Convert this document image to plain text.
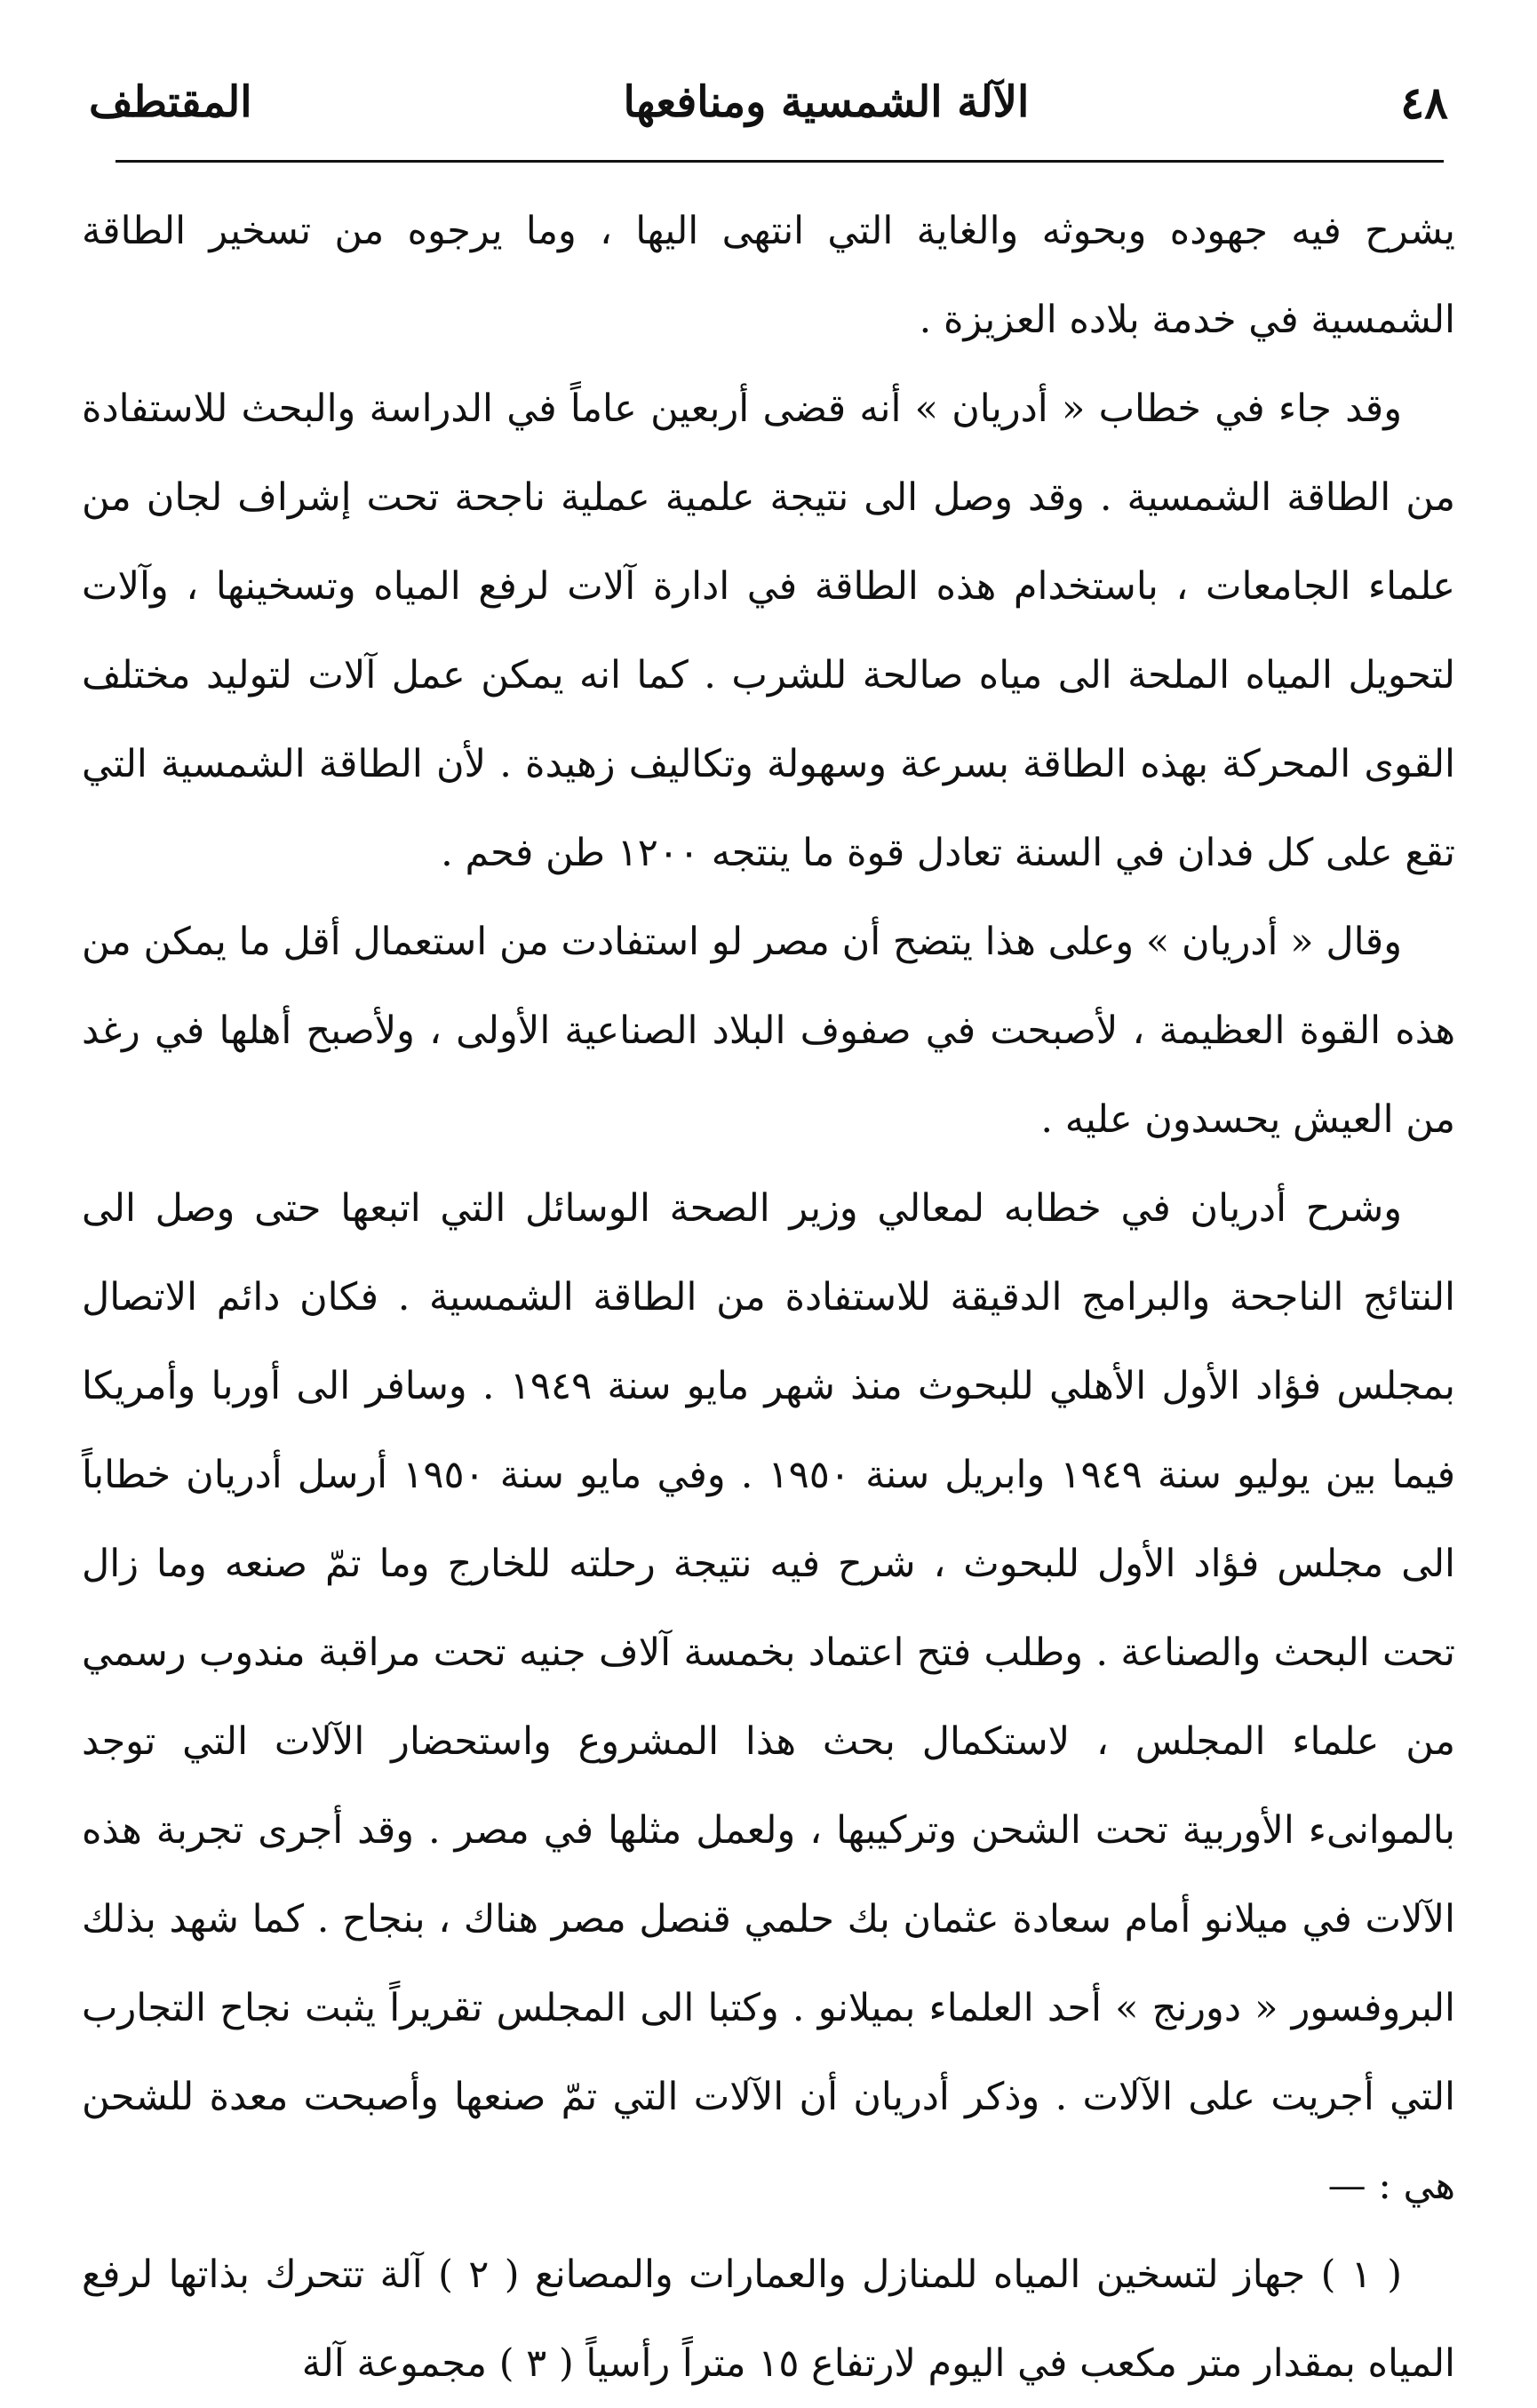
٤٨
الآلة الشمسية ومنافعها
المقتطف

يشرح فيه جهوده وبحوثه والغاية التي انتهى اليها ، وما يرجوه من تسخير الطاقة الشمسية في خدمة بلاده العزيزة .

وقد جاء في خطاب « أدريان » أنه قضى أربعين عاماً في الدراسة والبحث للاستفادة من الطاقة الشمسية . وقد وصل الى نتيجة علمية عملية ناجحة تحت إشراف لجان من علماء الجامعات ، باستخدام هذه الطاقة في ادارة آلات لرفع المياه وتسخينها ، وآلات لتحويل المياه الملحة الى مياه صالحة للشرب . كما انه يمكن عمل آلات لتوليد مختلف القوى المحركة بهذه الطاقة بسرعة وسهولة وتكاليف زهيدة . لأن الطاقة الشمسية التي تقع على كل فدان في السنة تعادل قوة ما ينتجه ١٢٠٠ طن فحم .

وقال « أدريان » وعلى هذا يتضح أن مصر لو استفادت من استعمال أقل ما يمكن من هذه القوة العظيمة ، لأصبحت في صفوف البلاد الصناعية الأولى ، ولأصبح أهلها في رغد من العيش يحسدون عليه .

وشرح أدريان في خطابه لمعالي وزير الصحة الوسائل التي اتبعها حتى وصل الى النتائج الناجحة والبرامج الدقيقة للاستفادة من الطاقة الشمسية . فكان دائم الاتصال بمجلس فؤاد الأول الأهلي للبحوث منذ شهر مايو سنة ١٩٤٩ . وسافر الى أوربا وأمريكا فيما بين يوليو سنة ١٩٤٩ وابريل سنة ١٩٥٠ . وفي مايو سنة ١٩٥٠ أرسل أدريان خطاباً الى مجلس فؤاد الأول للبحوث ، شرح فيه نتيجة رحلته للخارج وما تمّ صنعه وما زال تحت البحث والصناعة . وطلب فتح اعتماد بخمسة آلاف جنيه تحت مراقبة مندوب رسمي من علماء المجلس ، لاستكمال بحث هذا المشروع واستحضار الآلات التي توجد بالموانىء الأوربية تحت الشحن وتركيبها ، ولعمل مثلها في مصر . وقد أجرى تجربة هذه الآلات في ميلانو أمام سعادة عثمان بك حلمي قنصل مصر هناك ، بنجاح . كما شهد بذلك البروفسور « دورنج » أحد العلماء بميلانو . وكتبا الى المجلس تقريراً يثبت نجاح التجارب التي أجريت على الآلات . وذكر أدريان أن الآلات التي تمّ صنعها وأصبحت معدة للشحن هي : —

( ١ ) جهاز لتسخين المياه للمنازل والعمارات والمصانع ( ٢ ) آلة تتحرك بذاتها لرفع المياه بمقدار متر مكعب في اليوم لارتفاع ١٥ متراً رأسياً ( ٣ ) مجموعة آلة
